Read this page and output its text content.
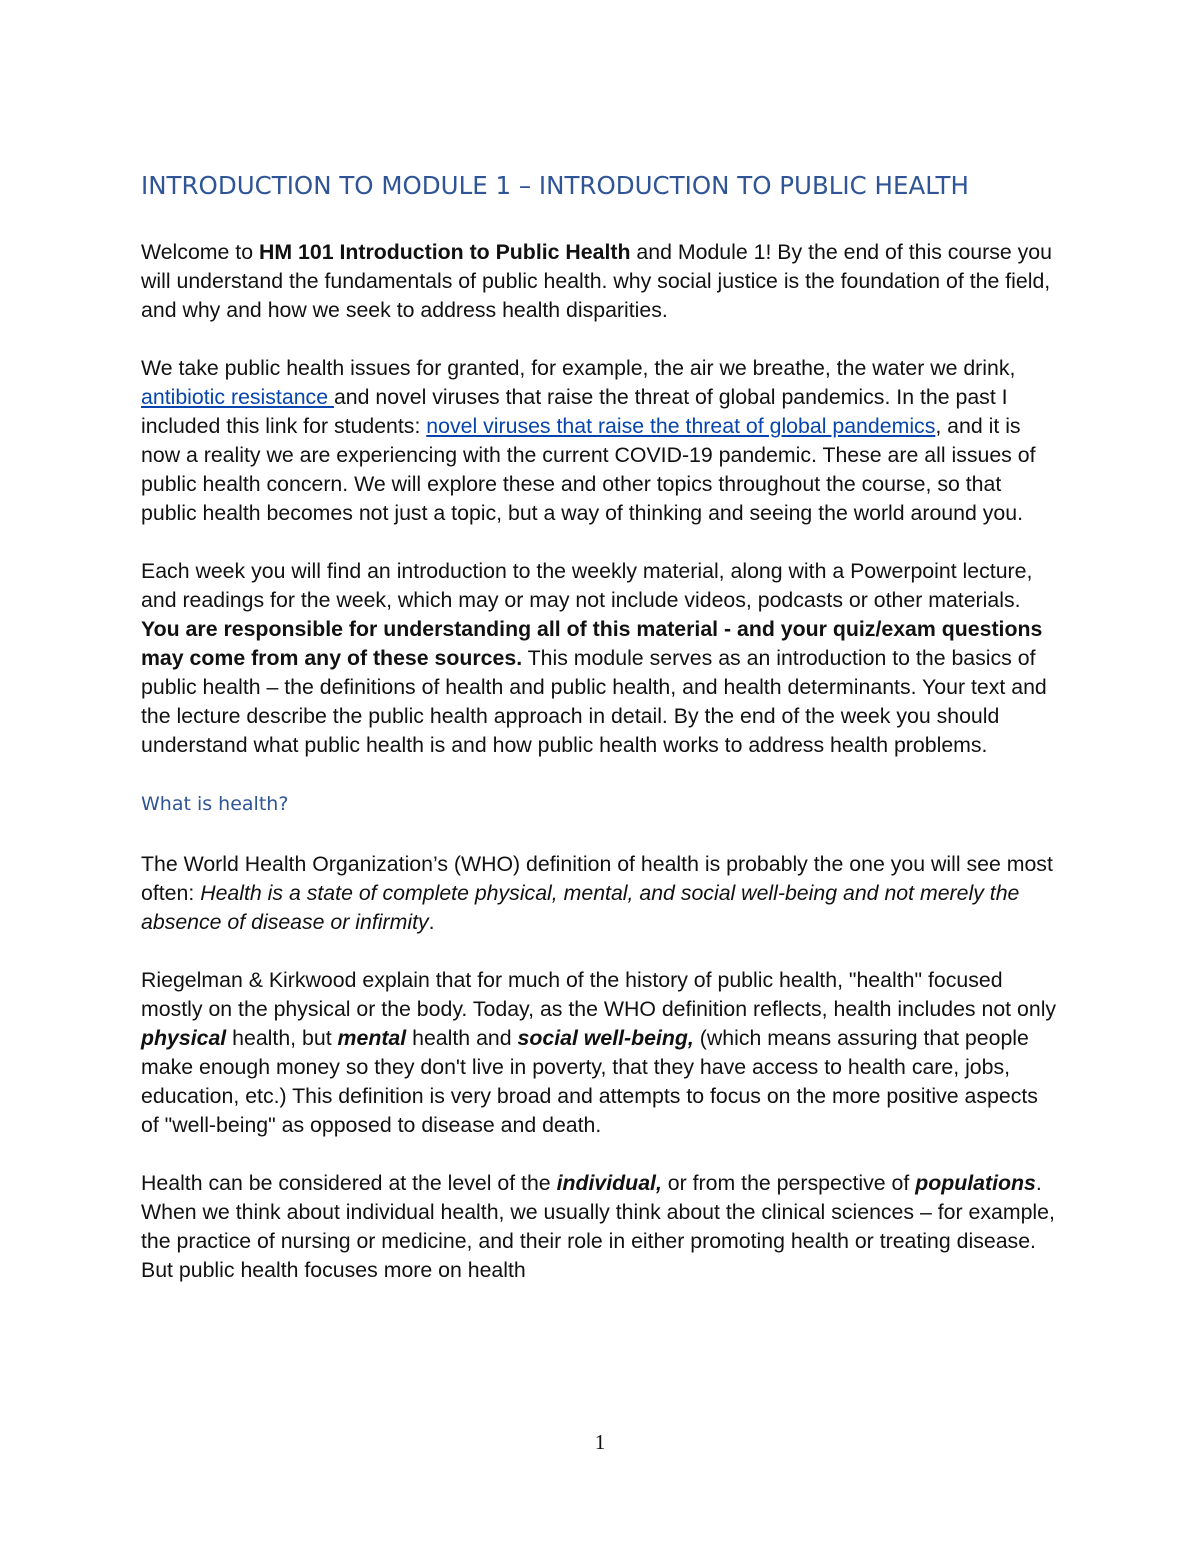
INTRODUCTION TO MODULE 1 – INTRODUCTION TO PUBLIC HEALTH

Welcome to HM 101 Introduction to Public Health and Module 1! By the end of this course you will understand the fundamentals of public health. why social justice is the foundation of the field, and why and how we seek to address health disparities.

We take public health issues for granted, for example, the air we breathe, the water we drink, antibiotic resistance and novel viruses that raise the threat of global pandemics. In the past I included this link for students: novel viruses that raise the threat of global pandemics, and it is now a reality we are experiencing with the current COVID-19 pandemic. These are all issues of public health concern. We will explore these and other topics throughout the course, so that public health becomes not just a topic, but a way of thinking and seeing the world around you.

Each week you will find an introduction to the weekly material, along with a Powerpoint lecture, and readings for the week, which may or may not include videos, podcasts or other materials. You are responsible for understanding all of this material - and your quiz/exam questions may come from any of these sources. This module serves as an introduction to the basics of public health – the definitions of health and public health, and health determinants. Your text and the lecture describe the public health approach in detail. By the end of the week you should understand what public health is and how public health works to address health problems.

What is health?

The World Health Organization’s (WHO) definition of health is probably the one you will see most often: Health is a state of complete physical, mental, and social well-being and not merely the absence of disease or infirmity.

Riegelman & Kirkwood explain that for much of the history of public health, "health" focused mostly on the physical or the body. Today, as the WHO definition reflects, health includes not only physical health, but mental health and social well-being, (which means assuring that people make enough money so they don't live in poverty, that they have access to health care, jobs, education, etc.) This definition is very broad and attempts to focus on the more positive aspects of "well-being" as opposed to disease and death.

Health can be considered at the level of the individual, or from the perspective of populations. When we think about individual health, we usually think about the clinical sciences – for example, the practice of nursing or medicine, and their role in either promoting health or treating disease. But public health focuses more on health

1
